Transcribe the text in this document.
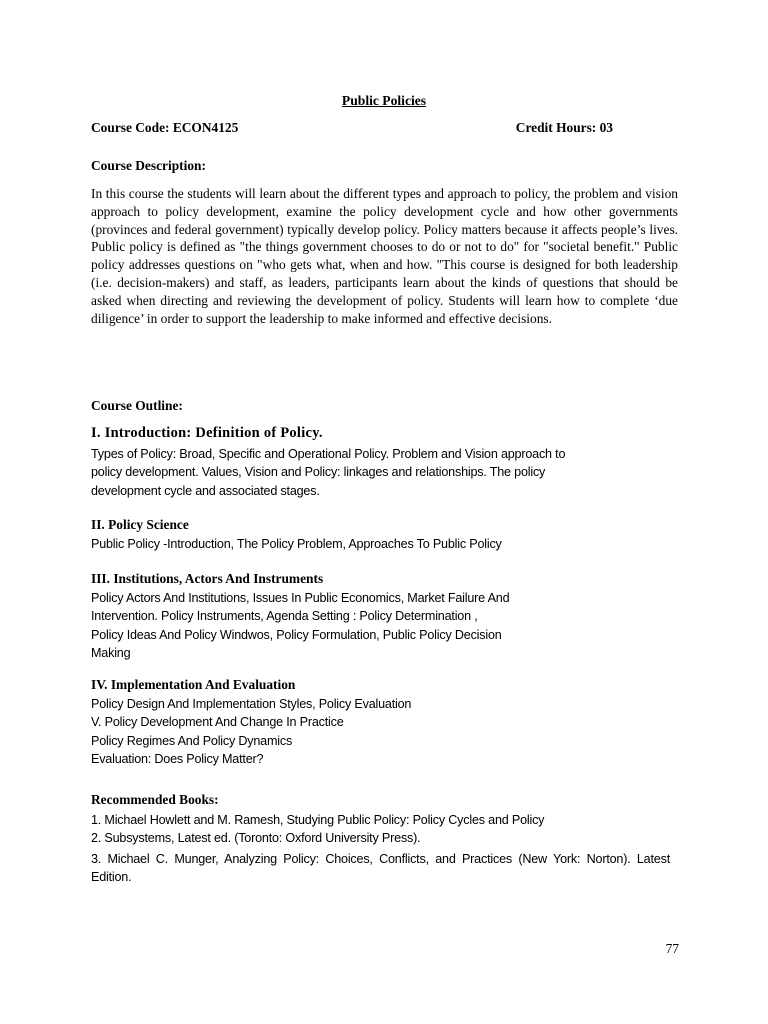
Public Policies
Course Code: ECON4125	Credit Hours: 03
Course Description:
In this course the students will learn about the different types and approach to policy, the problem and vision approach to policy development, examine the policy development cycle and how other governments (provinces and federal government) typically develop policy. Policy matters because it affects people’s lives. Public policy is defined as "the things government chooses to do or not to do" for "societal benefit." Public policy addresses questions on "who gets what, when and how. "This course is designed for both leadership (i.e. decision-makers) and staff, as leaders, participants learn about the kinds of questions that should be asked when directing and reviewing the development of policy. Students will learn how to complete ‘due diligence’ in order to support the leadership to make informed and effective decisions.
Course Outline:
I. Introduction: Definition of Policy.
Types of Policy: Broad, Specific and Operational Policy. Problem and Vision approach to
policy development. Values, Vision and Policy: linkages and relationships. The policy
development cycle and associated stages.
II. Policy Science
Public Policy -Introduction, The Policy Problem, Approaches To Public Policy
III. Institutions, Actors And Instruments
Policy Actors And Institutions, Issues In Public Economics, Market Failure And
Intervention. Policy Instruments, Agenda Setting : Policy Determination ,
Policy Ideas And Policy Windwos, Policy Formulation, Public Policy Decision
Making
IV. Implementation And Evaluation
Policy Design And Implementation Styles, Policy Evaluation
V. Policy Development And Change In Practice
Policy Regimes And Policy Dynamics
Evaluation: Does Policy Matter?
Recommended Books:
1. Michael Howlett and M. Ramesh, Studying Public Policy: Policy Cycles and Policy
2. Subsystems, Latest ed. (Toronto: Oxford University Press).
3. Michael C. Munger, Analyzing Policy: Choices, Conflicts, and Practices (New York: Norton). Latest Edition.
77
